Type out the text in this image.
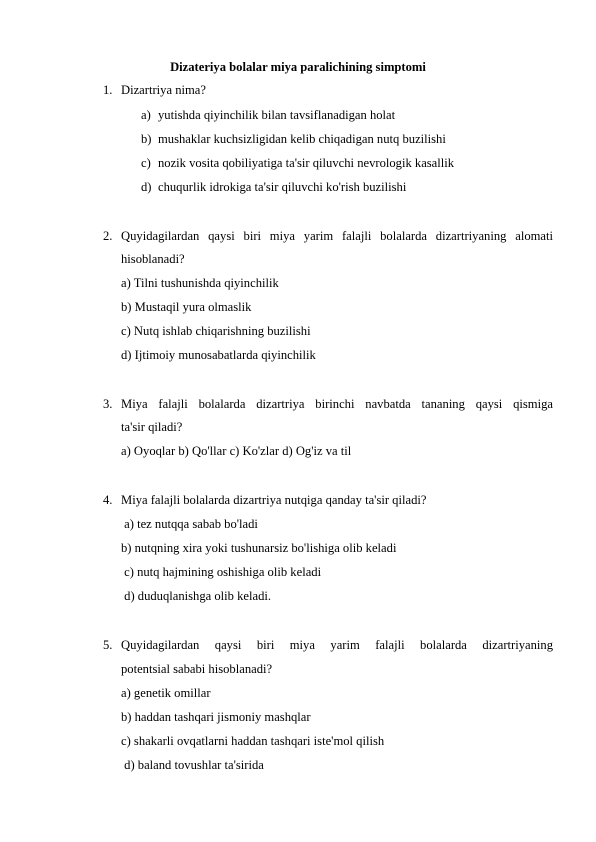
Dizateriya bolalar miya paralichining simptomi
1. Dizartriya nima?
a) yutishda qiyinchilik bilan tavsiflanadigan holat
b) mushaklar kuchsizligidan kelib chiqadigan nutq buzilishi
c) nozik vosita qobiliyatiga ta'sir qiluvchi nevrologik kasallik
d) chuqurlik idrokiga ta'sir qiluvchi ko'rish buzilishi
2. Quyidagilardan qaysi biri miya yarim falajli bolalarda dizartriyaning alomati
hisoblanadi?
a) Tilni tushunishda qiyinchilik
b) Mustaqil yura olmaslik
c) Nutq ishlab chiqarishning buzilishi
d) Ijtimoiy munosabatlarda qiyinchilik
3. Miya falajli bolalarda dizartriya birinchi navbatda tananing qaysi qismiga
ta'sir qiladi?
a) Oyoqlar b) Qo'llar c) Ko'zlar d) Og'iz va til
4. Miya falajli bolalarda dizartriya nutqiga qanday ta'sir qiladi?
a) tez nutqqa sabab bo'ladi
b) nutqning xira yoki tushunarsiz bo'lishiga olib keladi
c) nutq hajmining oshishiga olib keladi
d) duduqlanishga olib keladi.
5. Quyidagilardan qaysi biri miya yarim falajli bolalarda dizartriyaning
potentsial sababi hisoblanadi?
a) genetik omillar
b) haddan tashqari jismoniy mashqlar
c) shakarli ovqatlarni haddan tashqari iste'mol qilish
d) baland tovushlar ta'sirida
